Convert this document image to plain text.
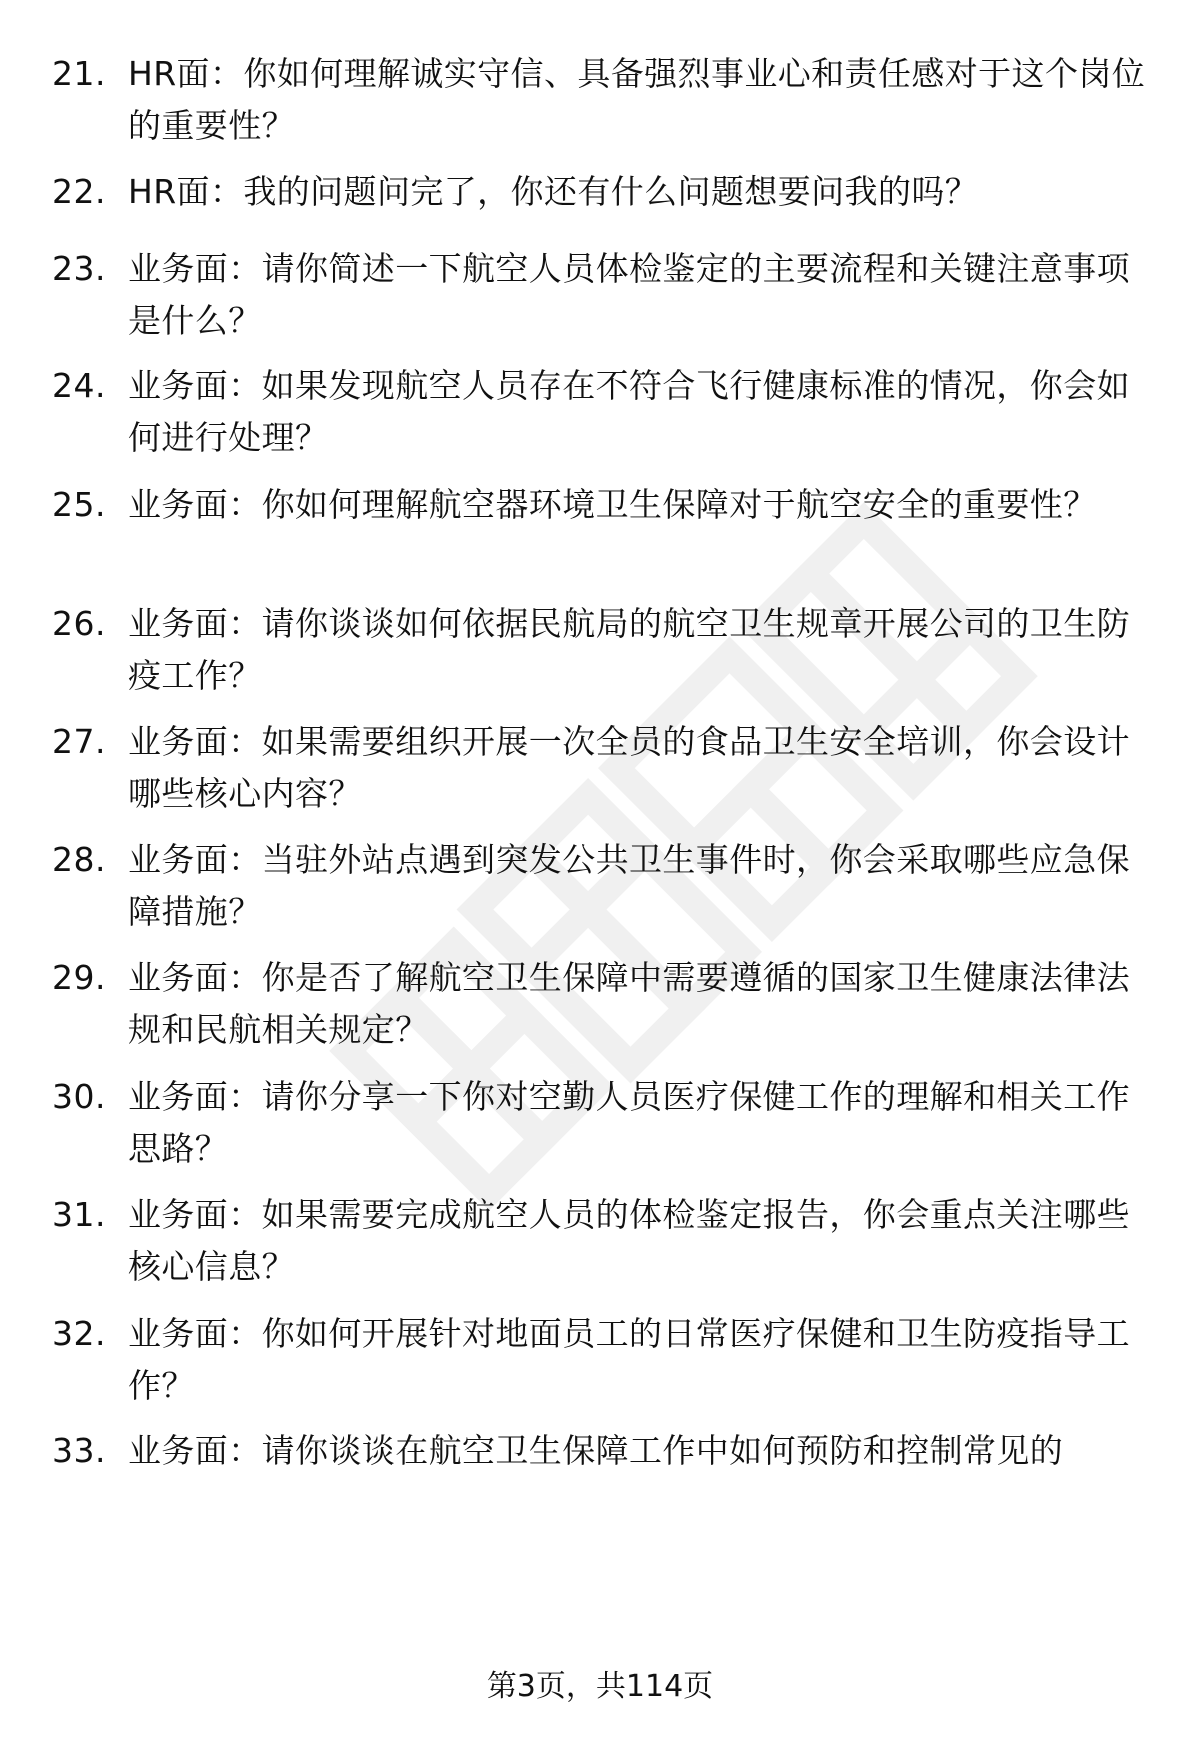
21. HR面：你如何理解诚实守信、具备强烈事业心和责任感对于这个岗位的重要性？
22. HR面：我的问题问完了，你还有什么问题想要问我的吗？
23. 业务面：请你简述一下航空人员体检鉴定的主要流程和关键注意事项是什么？
24. 业务面：如果发现航空人员存在不符合飞行健康标准的情况，你会如何进行处理？
25. 业务面：你如何理解航空器环境卫生保障对于航空安全的重要性？
26. 业务面：请你谈谈如何依据民航局的航空卫生规章开展公司的卫生防疫工作？
27. 业务面：如果需要组织开展一次全员的食品卫生安全培训，你会设计哪些核心内容？
28. 业务面：当驻外站点遇到突发公共卫生事件时，你会采取哪些应急保障措施？
29. 业务面：你是否了解航空卫生保障中需要遵循的国家卫生健康法律法规和民航相关规定？
30. 业务面：请你分享一下你对空勤人员医疗保健工作的理解和相关工作思路？
31. 业务面：如果需要完成航空人员的体检鉴定报告，你会重点关注哪些核心信息？
32. 业务面：你如何开展针对地面员工的日常医疗保健和卫生防疫指导工作？
33. 业务面：请你谈谈在航空卫生保障工作中如何预防和控制常见的
第3页，共114页
